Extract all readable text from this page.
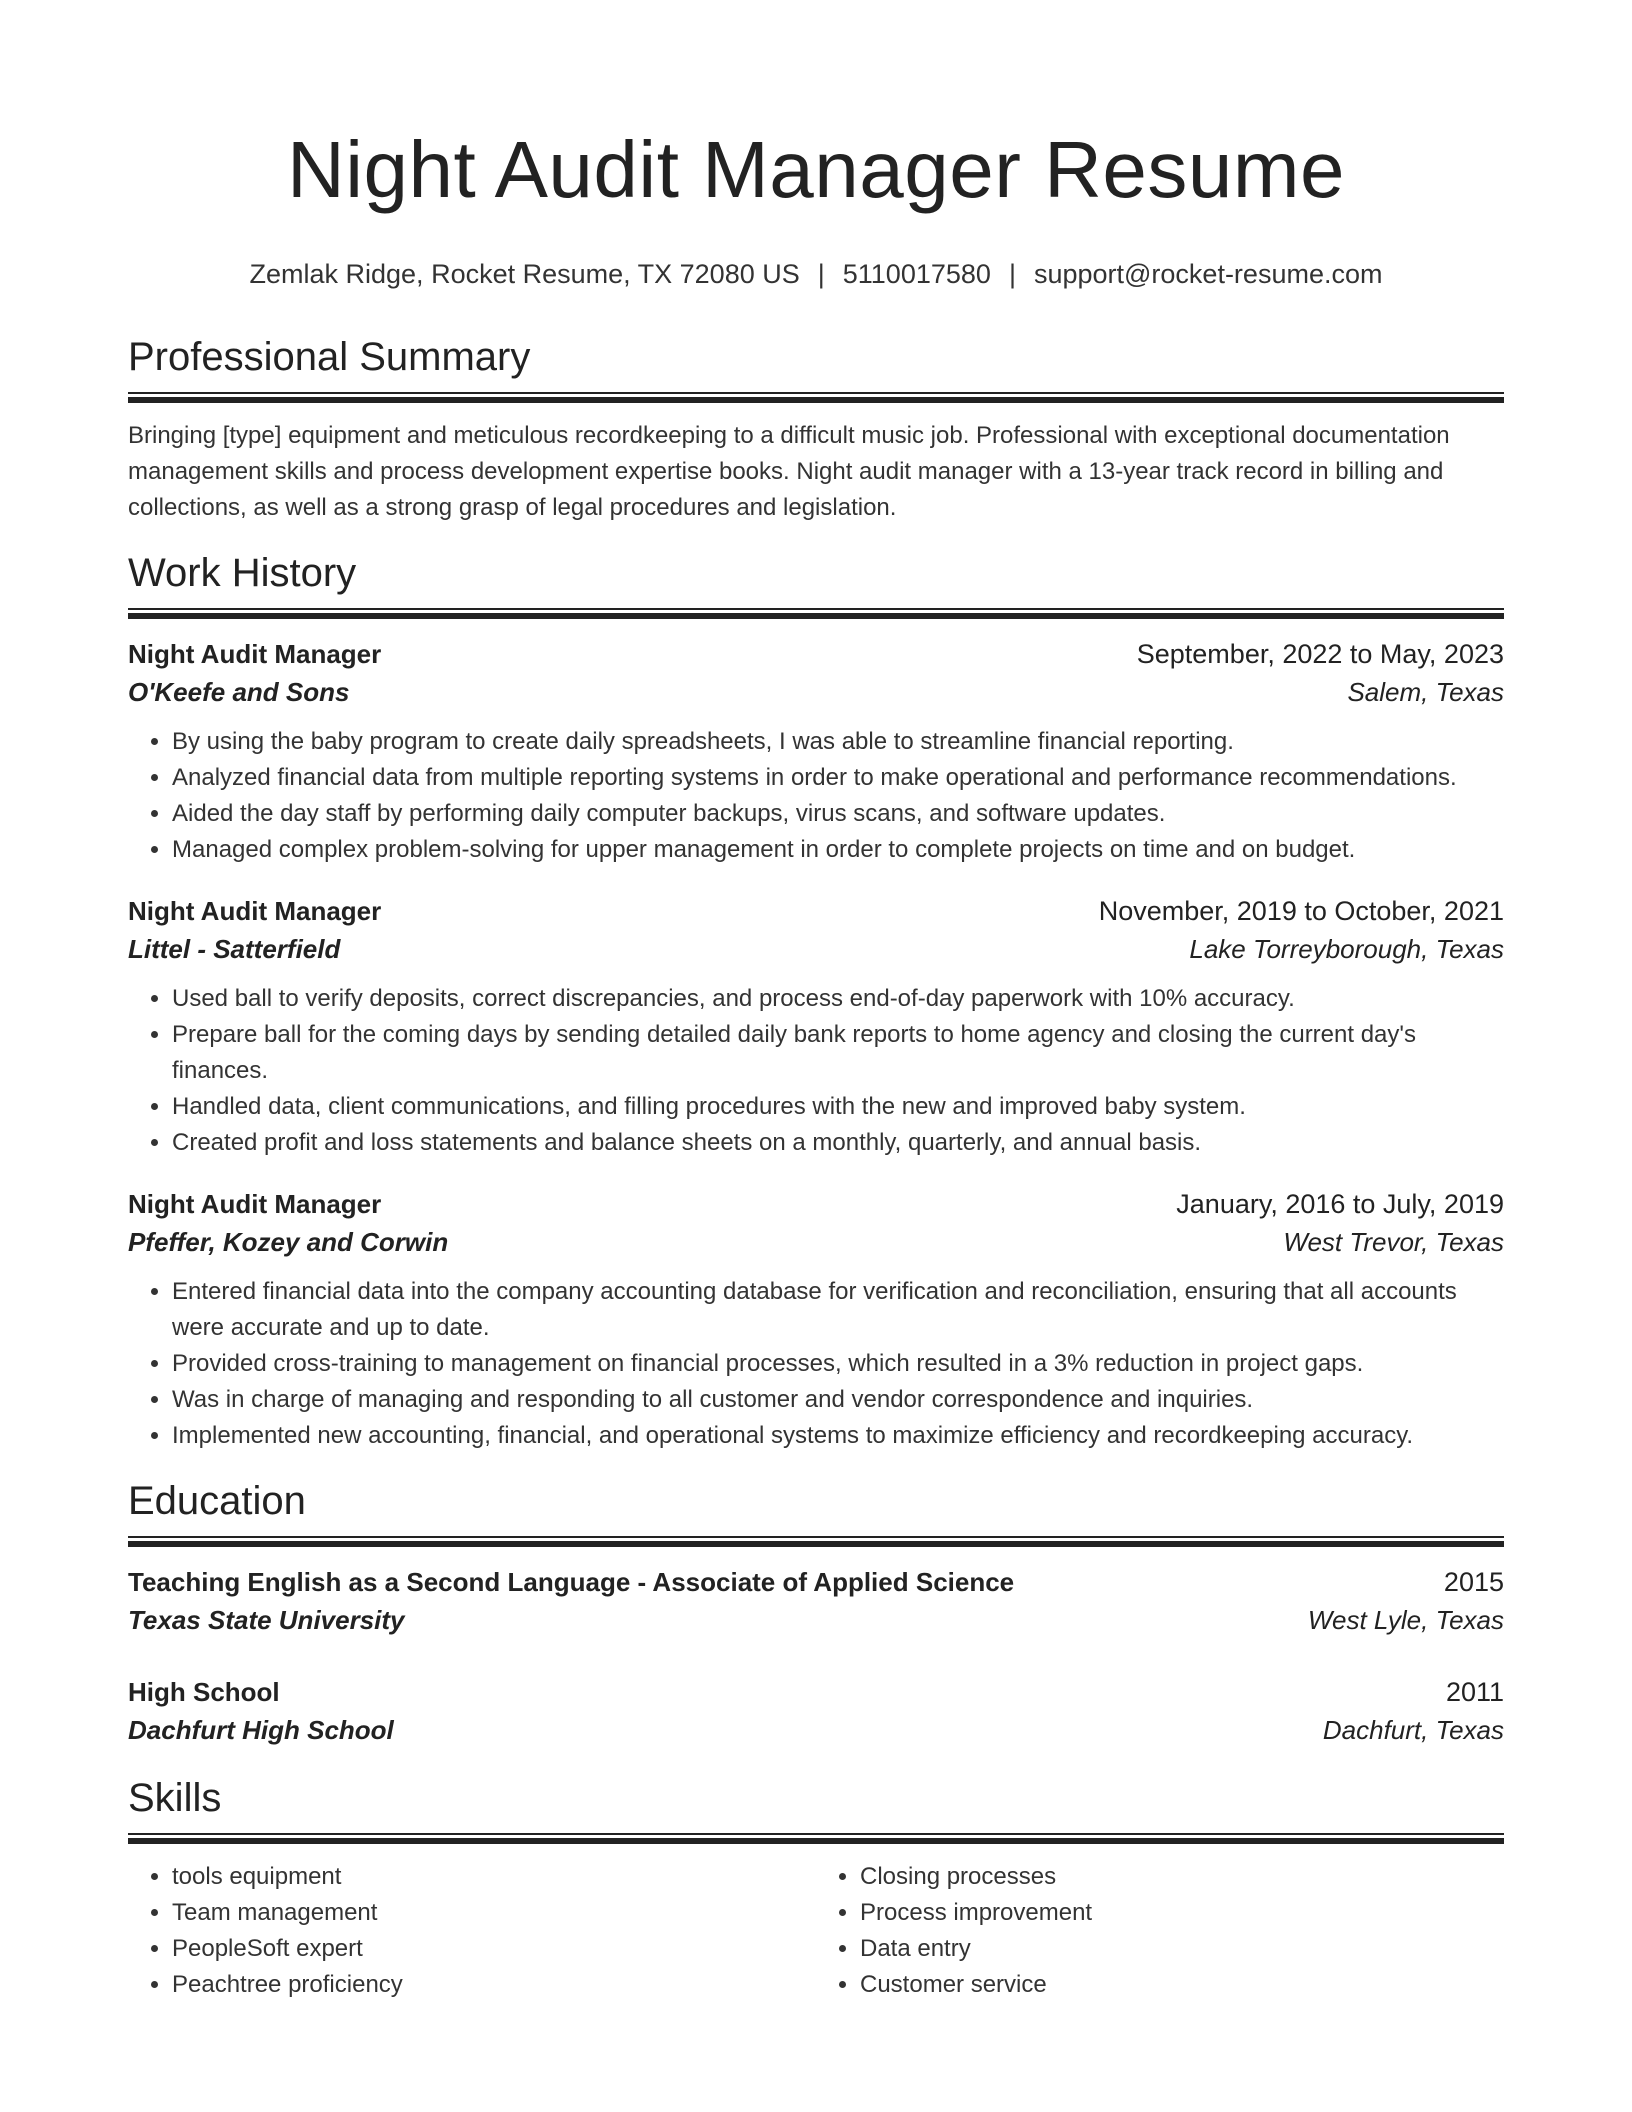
Night Audit Manager Resume
Zemlak Ridge, Rocket Resume, TX 72080 US | 5110017580 | support@rocket-resume.com
Professional Summary
Bringing [type] equipment and meticulous recordkeeping to a difficult music job. Professional with exceptional documentation management skills and process development expertise books. Night audit manager with a 13-year track record in billing and collections, as well as a strong grasp of legal procedures and legislation.
Work History
Night Audit Manager	September, 2022 to May, 2023
O'Keefe and Sons	Salem, Texas
• By using the baby program to create daily spreadsheets, I was able to streamline financial reporting.
• Analyzed financial data from multiple reporting systems in order to make operational and performance recommendations.
• Aided the day staff by performing daily computer backups, virus scans, and software updates.
• Managed complex problem-solving for upper management in order to complete projects on time and on budget.
Night Audit Manager	November, 2019 to October, 2021
Littel - Satterfield	Lake Torreyborough, Texas
• Used ball to verify deposits, correct discrepancies, and process end-of-day paperwork with 10% accuracy.
• Prepare ball for the coming days by sending detailed daily bank reports to home agency and closing the current day's finances.
• Handled data, client communications, and filling procedures with the new and improved baby system.
• Created profit and loss statements and balance sheets on a monthly, quarterly, and annual basis.
Night Audit Manager	January, 2016 to July, 2019
Pfeffer, Kozey and Corwin	West Trevor, Texas
• Entered financial data into the company accounting database for verification and reconciliation, ensuring that all accounts were accurate and up to date.
• Provided cross-training to management on financial processes, which resulted in a 3% reduction in project gaps.
• Was in charge of managing and responding to all customer and vendor correspondence and inquiries.
• Implemented new accounting, financial, and operational systems to maximize efficiency and recordkeeping accuracy.
Education
Teaching English as a Second Language - Associate of Applied Science	2015
Texas State University	West Lyle, Texas
High School	2011
Dachfurt High School	Dachfurt, Texas
Skills
• tools equipment
• Team management
• PeopleSoft expert
• Peachtree proficiency
• Closing processes
• Process improvement
• Data entry
• Customer service
